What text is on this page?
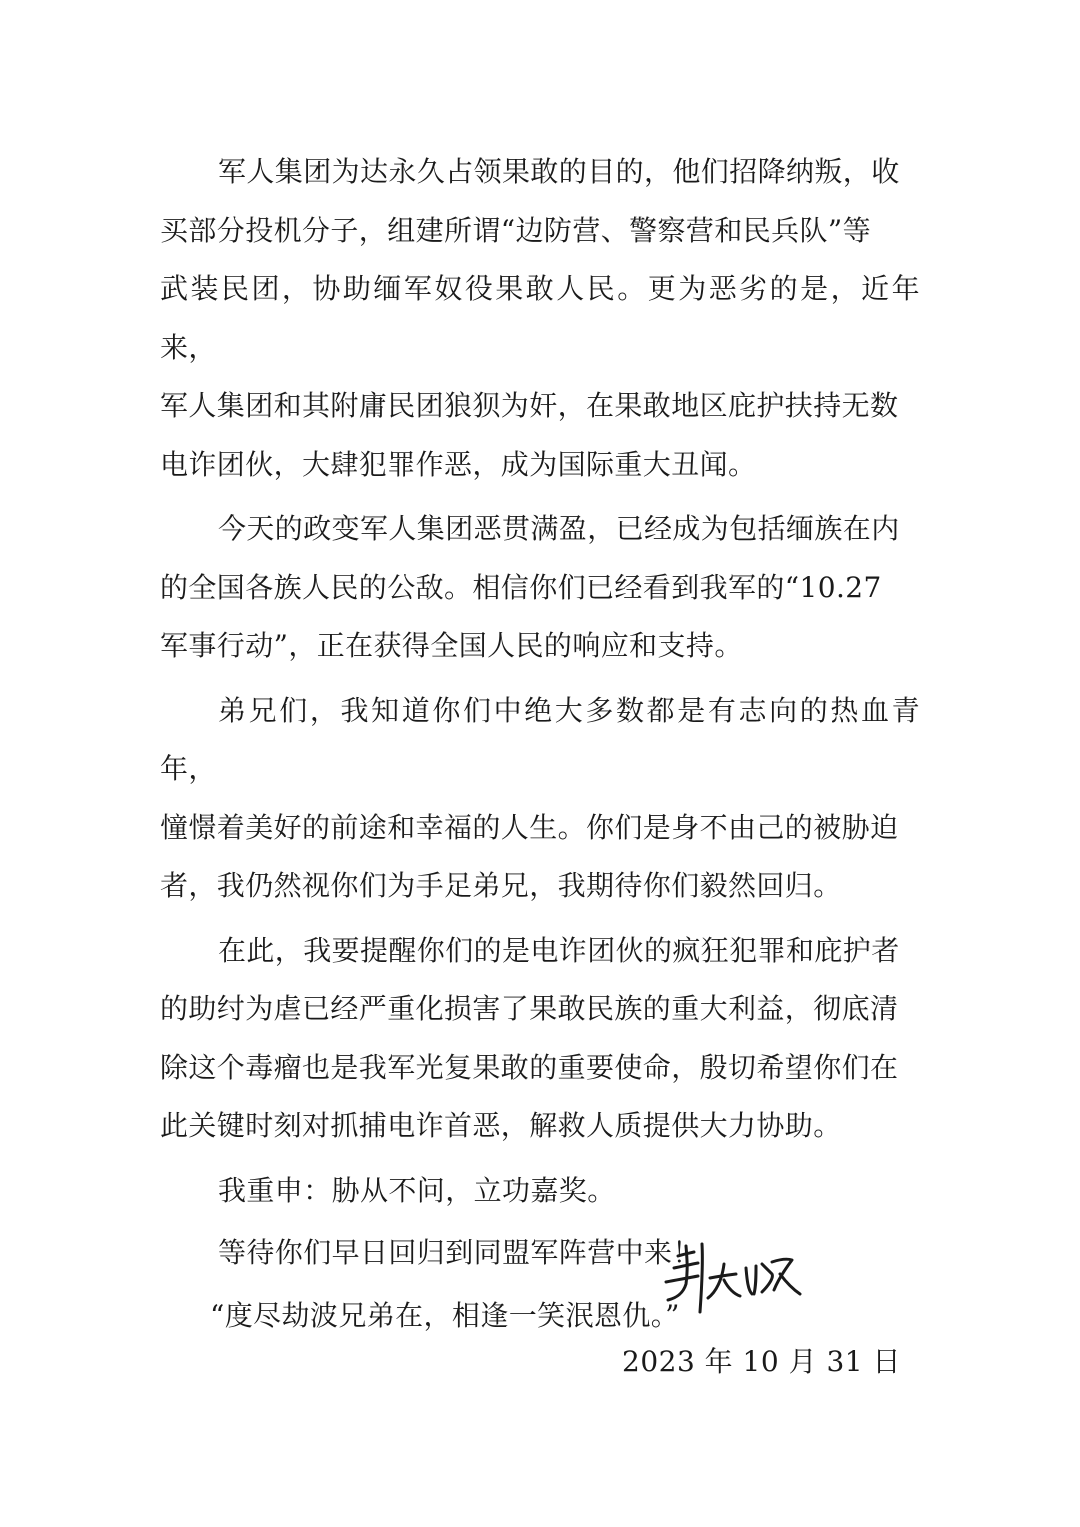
军人集团为达永久占领果敢的目的，他们招降纳叛，收
买部分投机分子，组建所谓“边防营、警察营和民兵队”等
武装民团，协助缅军奴役果敢人民。更为恶劣的是，近年来，
军人集团和其附庸民团狼狈为奸，在果敢地区庇护扶持无数
电诈团伙，大肆犯罪作恶，成为国际重大丑闻。

今天的政变军人集团恶贯满盈，已经成为包括缅族在内
的全国各族人民的公敌。相信你们已经看到我军的“10.27
军事行动”，正在获得全国人民的响应和支持。

弟兄们，我知道你们中绝大多数都是有志向的热血青年，
憧憬着美好的前途和幸福的人生。你们是身不由己的被胁迫
者，我仍然视你们为手足弟兄，我期待你们毅然回归。

在此，我要提醒你们的是电诈团伙的疯狂犯罪和庇护者
的助纣为虐已经严重化损害了果敢民族的重大利益，彻底清
除这个毒瘤也是我军光复果敢的重要使命，殷切希望你们在
此关键时刻对抓捕电诈首恶，解救人质提供大力协助。

我重申：胁从不问，立功嘉奖。

等待你们早日回归到同盟军阵营中来！

“度尽劫波兄弟在，相逢一笑泯恩仇。”

2023 年 10 月 31 日
